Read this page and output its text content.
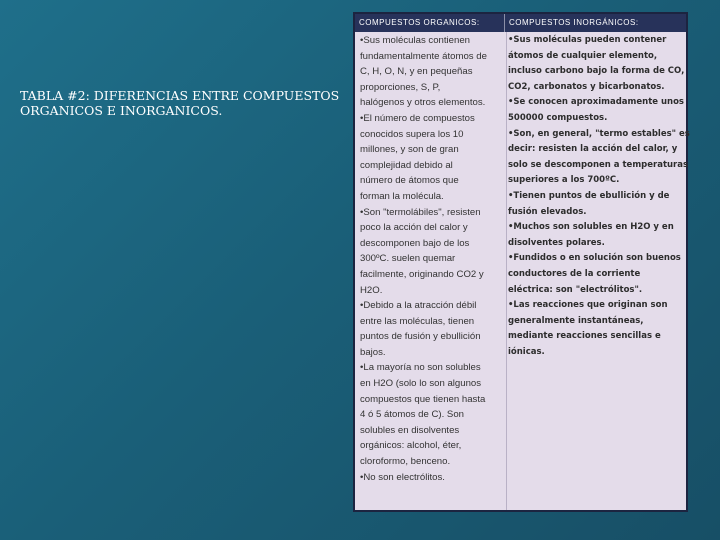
TABLA #2: DIFERENCIAS ENTRE COMPUESTOS ORGANICOS E INORGANICOS.
COMPUESTOS ORGANICOS:	COMPUESTOS INORGÁNICOS:
•Sus moléculas contienen
fundamentalmente átomos de
C, H, O, N, y en pequeñas
proporciones, S, P,
halógenos y otros elementos.
•El número de compuestos
conocidos supera los 10
millones, y son de gran
complejidad debido al
número de átomos que
forman la molécula.
•Son "termolábiles", resisten
poco la acción del calor y
descomponen bajo de los
300ºC. suelen quemar
facilmente, originando CO2 y
H2O.
•Debido a la atracción débil
entre las moléculas, tienen
puntos de fusión y ebullición
bajos.
•La mayoría no son solubles
en H2O (solo lo son algunos
compuestos que tienen hasta
4 ó 5 átomos de C). Son
solubles en disolventes
orgánicos: alcohol, éter,
cloroformo, benceno.
•No son electrólitos.
•Sus moléculas pueden contener
átomos de cualquier elemento,
incluso carbono bajo la forma de CO,
CO2, carbonatos y bicarbonatos.
•Se conocen aproximadamente unos
500000 compuestos.
•Son, en general, "termo estables" es
decir: resisten la acción del calor, y
solo se descomponen a temperaturas
superiores a los 700ºC.
•Tienen puntos de ebullición y de
fusión elevados.
•Muchos son solubles en H2O y en
disolventes polares.
•Fundidos o en solución son buenos
conductores de la corriente
eléctrica: son "electrólitos".
•Las reacciones que originan son
generalmente instantáneas,
mediante reacciones sencillas e
iónicas.
